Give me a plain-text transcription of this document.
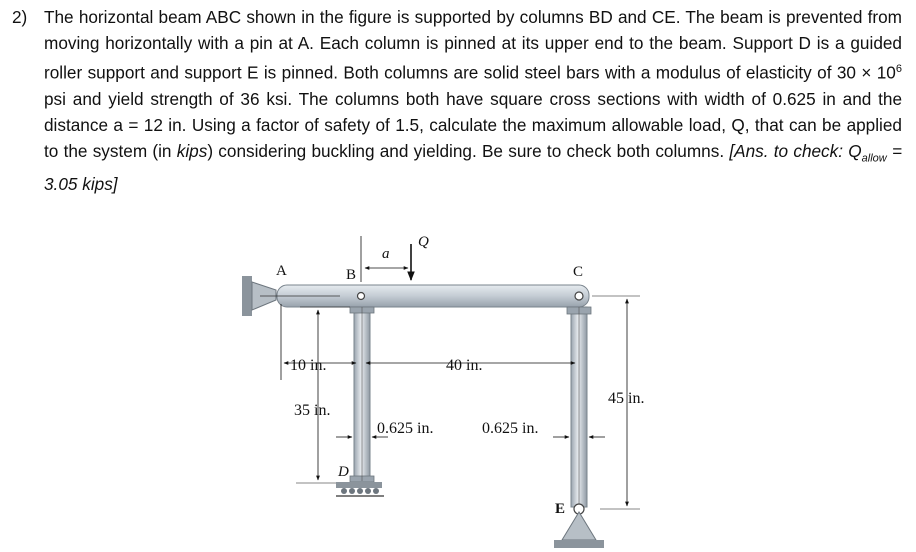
2) The horizontal beam ABC shown in the figure is supported by columns BD and CE. The beam is prevented from moving horizontally with a pin at A. Each column is pinned at its upper end to the beam. Support D is a guided roller support and support E is pinned. Both columns are solid steel bars with a modulus of elasticity of $30 \times 10^6$ psi and yield strength of 36 ksi. The columns both have square cross sections with width of 0.625 in and the distance a = 12 in. Using a factor of safety of 1.5, calculate the maximum allowable load, Q, that can be applied to the system (in kips) considering buckling and yielding. Be sure to check both columns. [Ans. to check: $Q_{allow} = 3.05$ kips]
A	B	C
D
E
a
Q
10 in.	40 in.
35 in.
45 in.
0.625 in.	0.625 in.
